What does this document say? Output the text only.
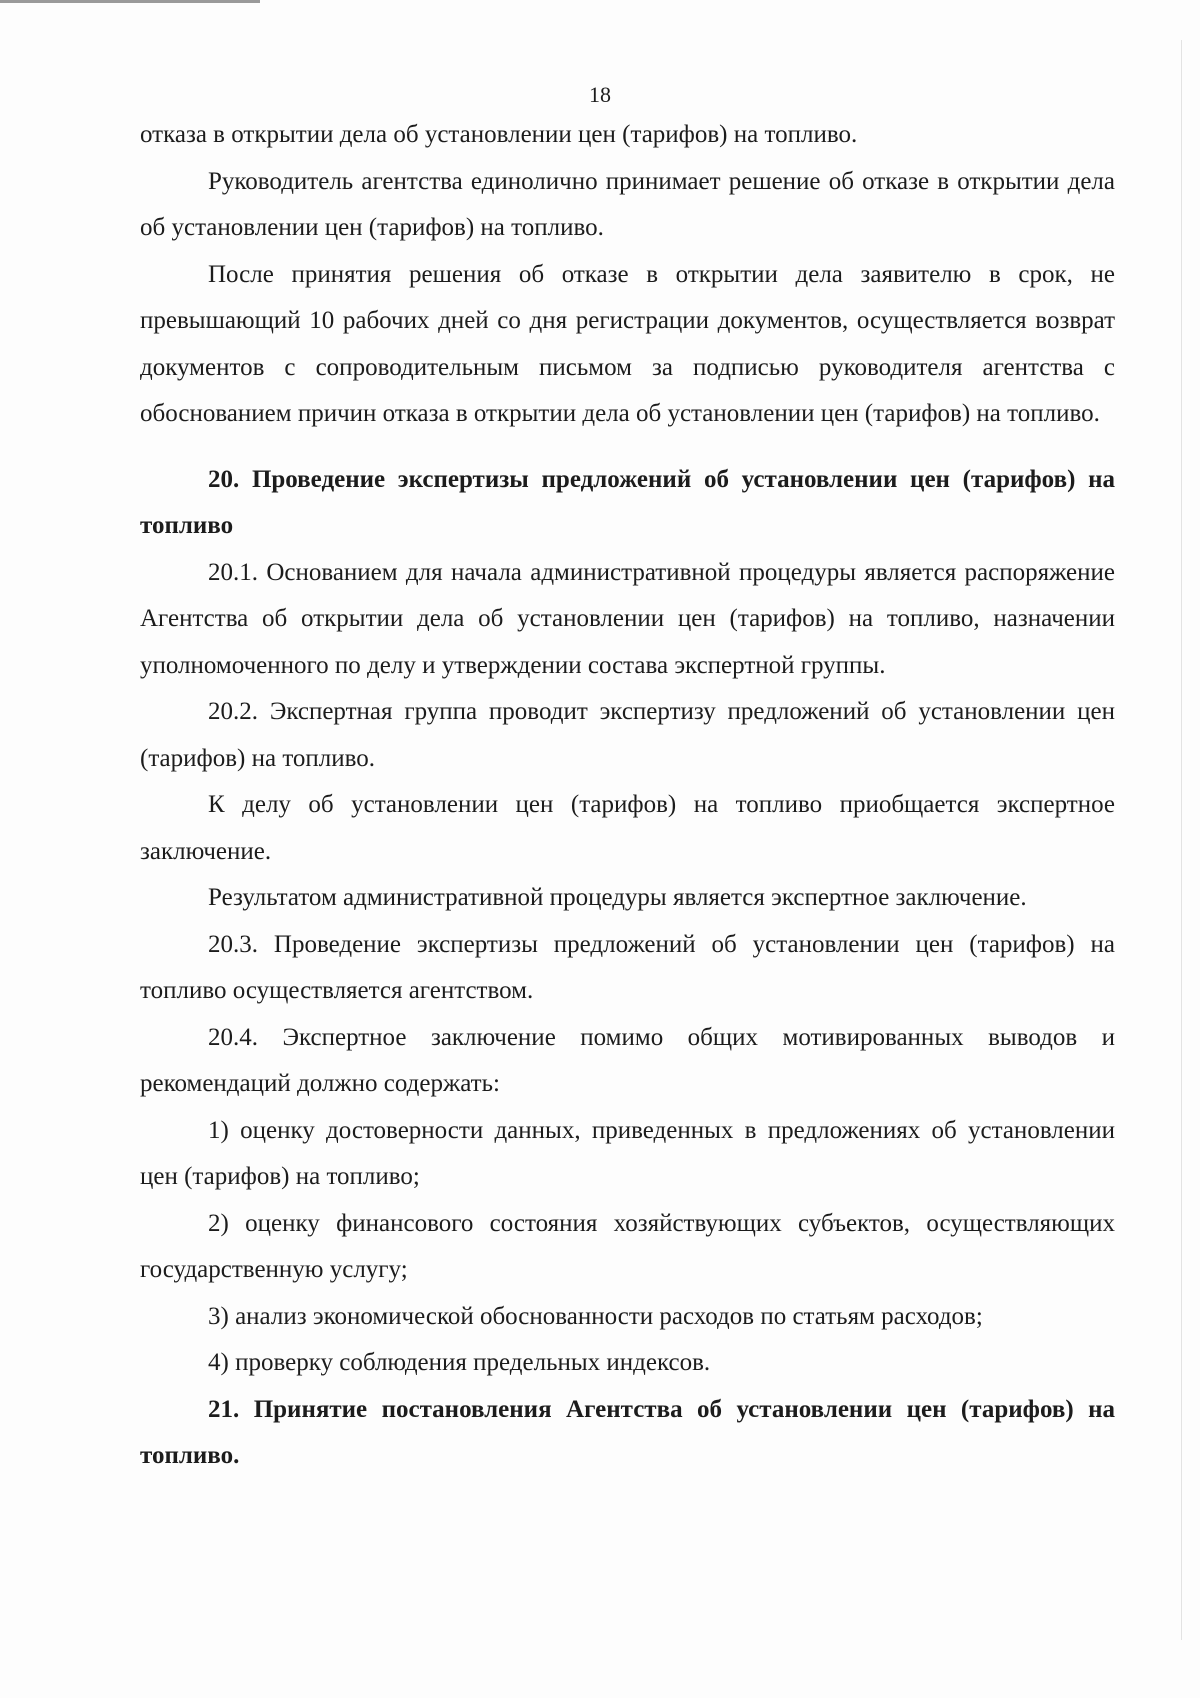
18

отказа в открытии дела об установлении цен (тарифов) на топливо.

Руководитель агентства единолично принимает решение об отказе в открытии дела об установлении цен (тарифов) на топливо.

После принятия решения об отказе в открытии дела заявителю в срок, не превышающий 10 рабочих дней со дня регистрации документов, осуществляется возврат документов с сопроводительным письмом за подписью руководителя агентства с обоснованием причин отказа в открытии дела об установлении цен (тарифов) на топливо.

20. Проведение экспертизы предложений об установлении цен (тарифов) на топливо

20.1. Основанием для начала административной процедуры является распоряжение Агентства об открытии дела об установлении цен (тарифов) на топливо, назначении уполномоченного по делу и утверждении состава экспертной группы.

20.2. Экспертная группа проводит экспертизу предложений об установлении цен (тарифов) на топливо.

К делу об установлении цен (тарифов) на топливо приобщается экспертное заключение.

Результатом административной процедуры является экспертное заключение.

20.3. Проведение экспертизы предложений об установлении цен (тарифов) на топливо осуществляется агентством.

20.4. Экспертное заключение помимо общих мотивированных выводов и рекомендаций должно содержать:

1) оценку достоверности данных, приведенных в предложениях об установлении цен (тарифов) на топливо;

2) оценку финансового состояния хозяйствующих субъектов, осуществляющих государственную услугу;

3) анализ экономической обоснованности расходов по статьям расходов;

4) проверку соблюдения предельных индексов.

21. Принятие постановления Агентства об установлении цен (тарифов) на топливо.
